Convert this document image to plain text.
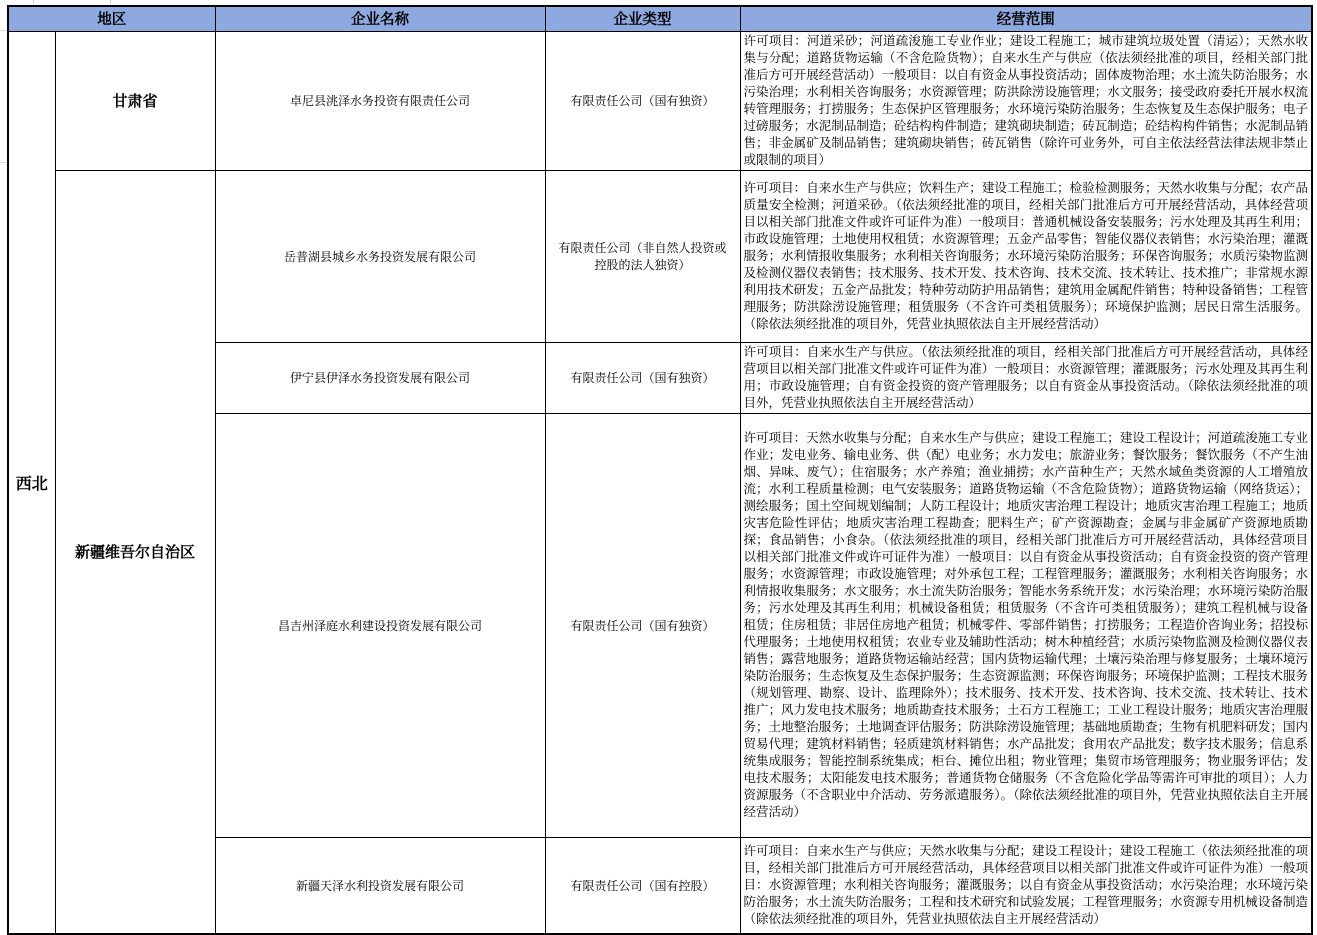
地区		企业名称	企业类型	经营范围
西北	甘肃省	卓尼县洮泽水务投资有限责任公司	有限责任公司（国有独资）	许可项目：河道采砂；河道疏浚施工专业作业；建设工程施工；城市建筑垃圾处置（清运）；天然水收集与分配；道路货物运输（不含危险货物）；自来水生产与供应（依法须经批准的项目，经相关部门批准后方可开展经营活动）一般项目：以自有资金从事投资活动；固体废物治理；水土流失防治服务；水污染治理；水利相关咨询服务；水资源管理；防洪除涝设施管理；水文服务；接受政府委托开展水权流转管理服务；打捞服务；生态保护区管理服务；水环境污染防治服务；生态恢复及生态保护服务；电子过磅服务；水泥制品制造；砼结构构件制造；建筑砌块制造；砖瓦制造；砼结构构件销售；水泥制品销售；非金属矿及制品销售；建筑砌块销售；砖瓦销售（除许可业务外，可自主依法经营法律法规非禁止或限制的项目）
	新疆维吾尔自治区	岳普湖县城乡水务投资发展有限公司	有限责任公司（非自然人投资或控股的法人独资）	许可项目：自来水生产与供应；饮料生产；建设工程施工；检验检测服务；天然水收集与分配；农产品质量安全检测；河道采砂。（依法须经批准的项目，经相关部门批准后方可开展经营活动，具体经营项目以相关部门批准文件或许可证件为准）一般项目：普通机械设备安装服务；污水处理及其再生利用；市政设施管理；土地使用权租赁；水资源管理；五金产品零售；智能仪器仪表销售；水污染治理；灌溉服务；水利情报收集服务；水利相关咨询服务；水环境污染防治服务；环保咨询服务；水质污染物监测及检测仪器仪表销售；技术服务、技术开发、技术咨询、技术交流、技术转让、技术推广；非常规水源利用技术研发；五金产品批发；特种劳动防护用品销售；建筑用金属配件销售；特种设备销售；工程管理服务；防洪除涝设施管理；租赁服务（不含许可类租赁服务）；环境保护监测；居民日常生活服务。（除依法须经批准的项目外，凭营业执照依法自主开展经营活动）
		伊宁县伊泽水务投资发展有限公司	有限责任公司（国有独资）	许可项目：自来水生产与供应。（依法须经批准的项目，经相关部门批准后方可开展经营活动，具体经营项目以相关部门批准文件或许可证件为准）一般项目：水资源管理；灌溉服务；污水处理及其再生利用；市政设施管理；自有资金投资的资产管理服务；以自有资金从事投资活动。（除依法须经批准的项目外，凭营业执照依法自主开展经营活动）
		昌吉州泽庭水利建设投资发展有限公司	有限责任公司（国有独资）	许可项目：天然水收集与分配；自来水生产与供应；建设工程施工；建设工程设计；河道疏浚施工专业作业；发电业务、输电业务、供（配）电业务；水力发电；旅游业务；餐饮服务；餐饮服务（不产生油烟、异味、废气）；住宿服务；水产养殖；渔业捕捞；水产苗种生产；天然水域鱼类资源的人工增殖放流；水利工程质量检测；电气安装服务；道路货物运输（不含危险货物）；道路货物运输（网络货运）；测绘服务；国土空间规划编制；人防工程设计；地质灾害治理工程设计；地质灾害治理工程施工；地质灾害危险性评估；地质灾害治理工程勘查；肥料生产；矿产资源勘查；金属与非金属矿产资源地质勘探；食品销售；小食杂。（依法须经批准的项目，经相关部门批准后方可开展经营活动，具体经营项目以相关部门批准文件或许可证件为准）一般项目：以自有资金从事投资活动；自有资金投资的资产管理服务；水资源管理；市政设施管理；对外承包工程；工程管理服务；灌溉服务；水利相关咨询服务；水利情报收集服务；水文服务；水土流失防治服务；智能水务系统开发；水污染治理；水环境污染防治服务；污水处理及其再生利用；机械设备租赁；租赁服务（不含许可类租赁服务）；建筑工程机械与设备租赁；住房租赁；非居住房地产租赁；机械零件、零部件销售；打捞服务；工程造价咨询业务；招投标代理服务；土地使用权租赁；农业专业及辅助性活动；树木种植经营；水质污染物监测及检测仪器仪表销售；露营地服务；道路货物运输站经营；国内货物运输代理；土壤污染治理与修复服务；土壤环境污染防治服务；生态恢复及生态保护服务；生态资源监测；环保咨询服务；环境保护监测；工程技术服务（规划管理、勘察、设计、监理除外）；技术服务、技术开发、技术咨询、技术交流、技术转让、技术推广；风力发电技术服务；地质勘查技术服务；土石方工程施工；工业工程设计服务；地质灾害治理服务；土地整治服务；土地调查评估服务；防洪除涝设施管理；基础地质勘查；生物有机肥料研发；国内贸易代理；建筑材料销售；轻质建筑材料销售；水产品批发；食用农产品批发；数字技术服务；信息系统集成服务；智能控制系统集成；柜台、摊位出租；物业管理；集贸市场管理服务；物业服务评估；发电技术服务；太阳能发电技术服务；普通货物仓储服务（不含危险化学品等需许可审批的项目）；人力资源服务（不含职业中介活动、劳务派遣服务）。（除依法须经批准的项目外，凭营业执照依法自主开展经营活动）
		新疆天泽水利投资发展有限公司	有限责任公司（国有控股）	许可项目：自来水生产与供应；天然水收集与分配；建设工程设计；建设工程施工（依法须经批准的项目，经相关部门批准后方可开展经营活动，具体经营项目以相关部门批准文件或许可证件为准）一般项目：水资源管理；水利相关咨询服务；灌溉服务；以自有资金从事投资活动；水污染治理；水环境污染防治服务；水土流失防治服务；工程和技术研究和试验发展；工程管理服务；水资源专用机械设备制造（除依法须经批准的项目外，凭营业执照依法自主开展经营活动）
